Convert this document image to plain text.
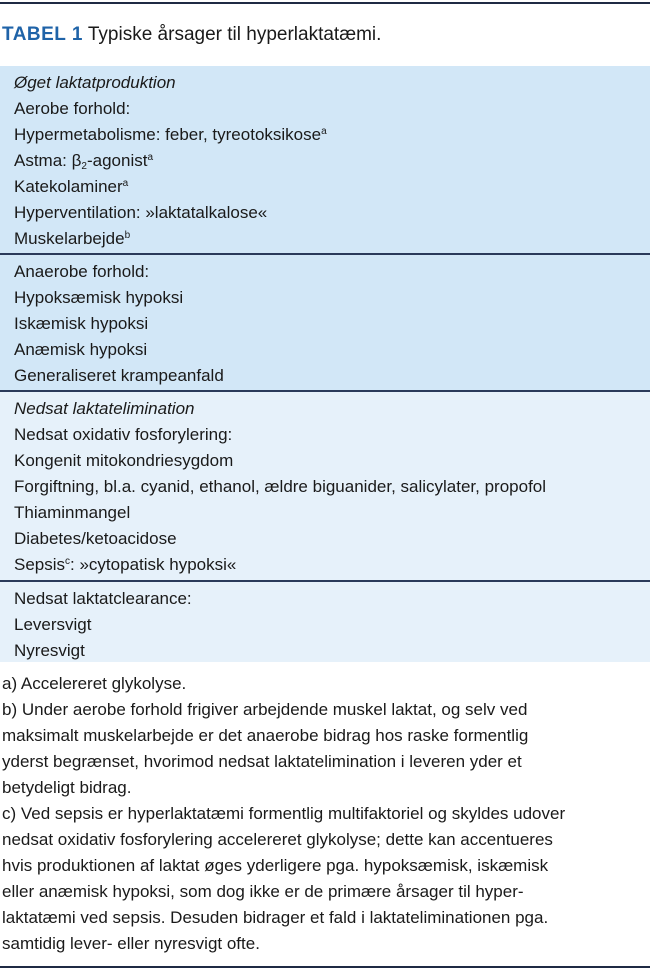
TABEL 1 Typiske årsager til hyperlaktatæmi.
Øget laktatproduktion
Aerobe forhold:
Hypermetabolisme: feber, tyreotoksikose$^a$
Astma: $\beta_2-agonist^a$
Katekolaminer$^a$
Hyperventilation: »laktatalkalose«
Muskelarbejde$^b$
Anaerobe forhold:
Hypoksæmisk hypoksi
Iskæmisk hypoksi
Anæmisk hypoksi
Generaliseret krampeanfald
Nedsat laktatelimination
Nedsat oxidativ fosforylering:
Kongenit mitokondriesygdom
Forgiftning, bl.a. cyanid, ethanol, ældre biguanider, salicylater, propofol
Thiaminmangel
Diabetes/ketoacidose
Sepsis$^c$: »cytopatisk hypoksi«
Nedsat laktatclearance:
Leversvigt
Nyresvigt
a) Accelereret glykolyse.
b) Under aerobe forhold frigiver arbejdende muskel laktat, og selv ved
maksimalt muskelarbejde er det anaerobe bidrag hos raske formentlig
yderst begrænset, hvorimod nedsat laktatelimination i leveren yder et
betydeligt bidrag.
c) Ved sepsis er hyperlaktatæmi formentlig multifaktoriel og skyldes udover
nedsat oxidativ fosforylering accelereret glykolyse; dette kan accentueres
hvis produktionen af laktat øges yderligere pga. hypoksæmisk, iskæmisk
eller anæmisk hypoksi, som dog ikke er de primære årsager til hyper-
laktatæmi ved sepsis. Desuden bidrager et fald i laktateliminationen pga.
samtidig lever- eller nyresvigt ofte.
